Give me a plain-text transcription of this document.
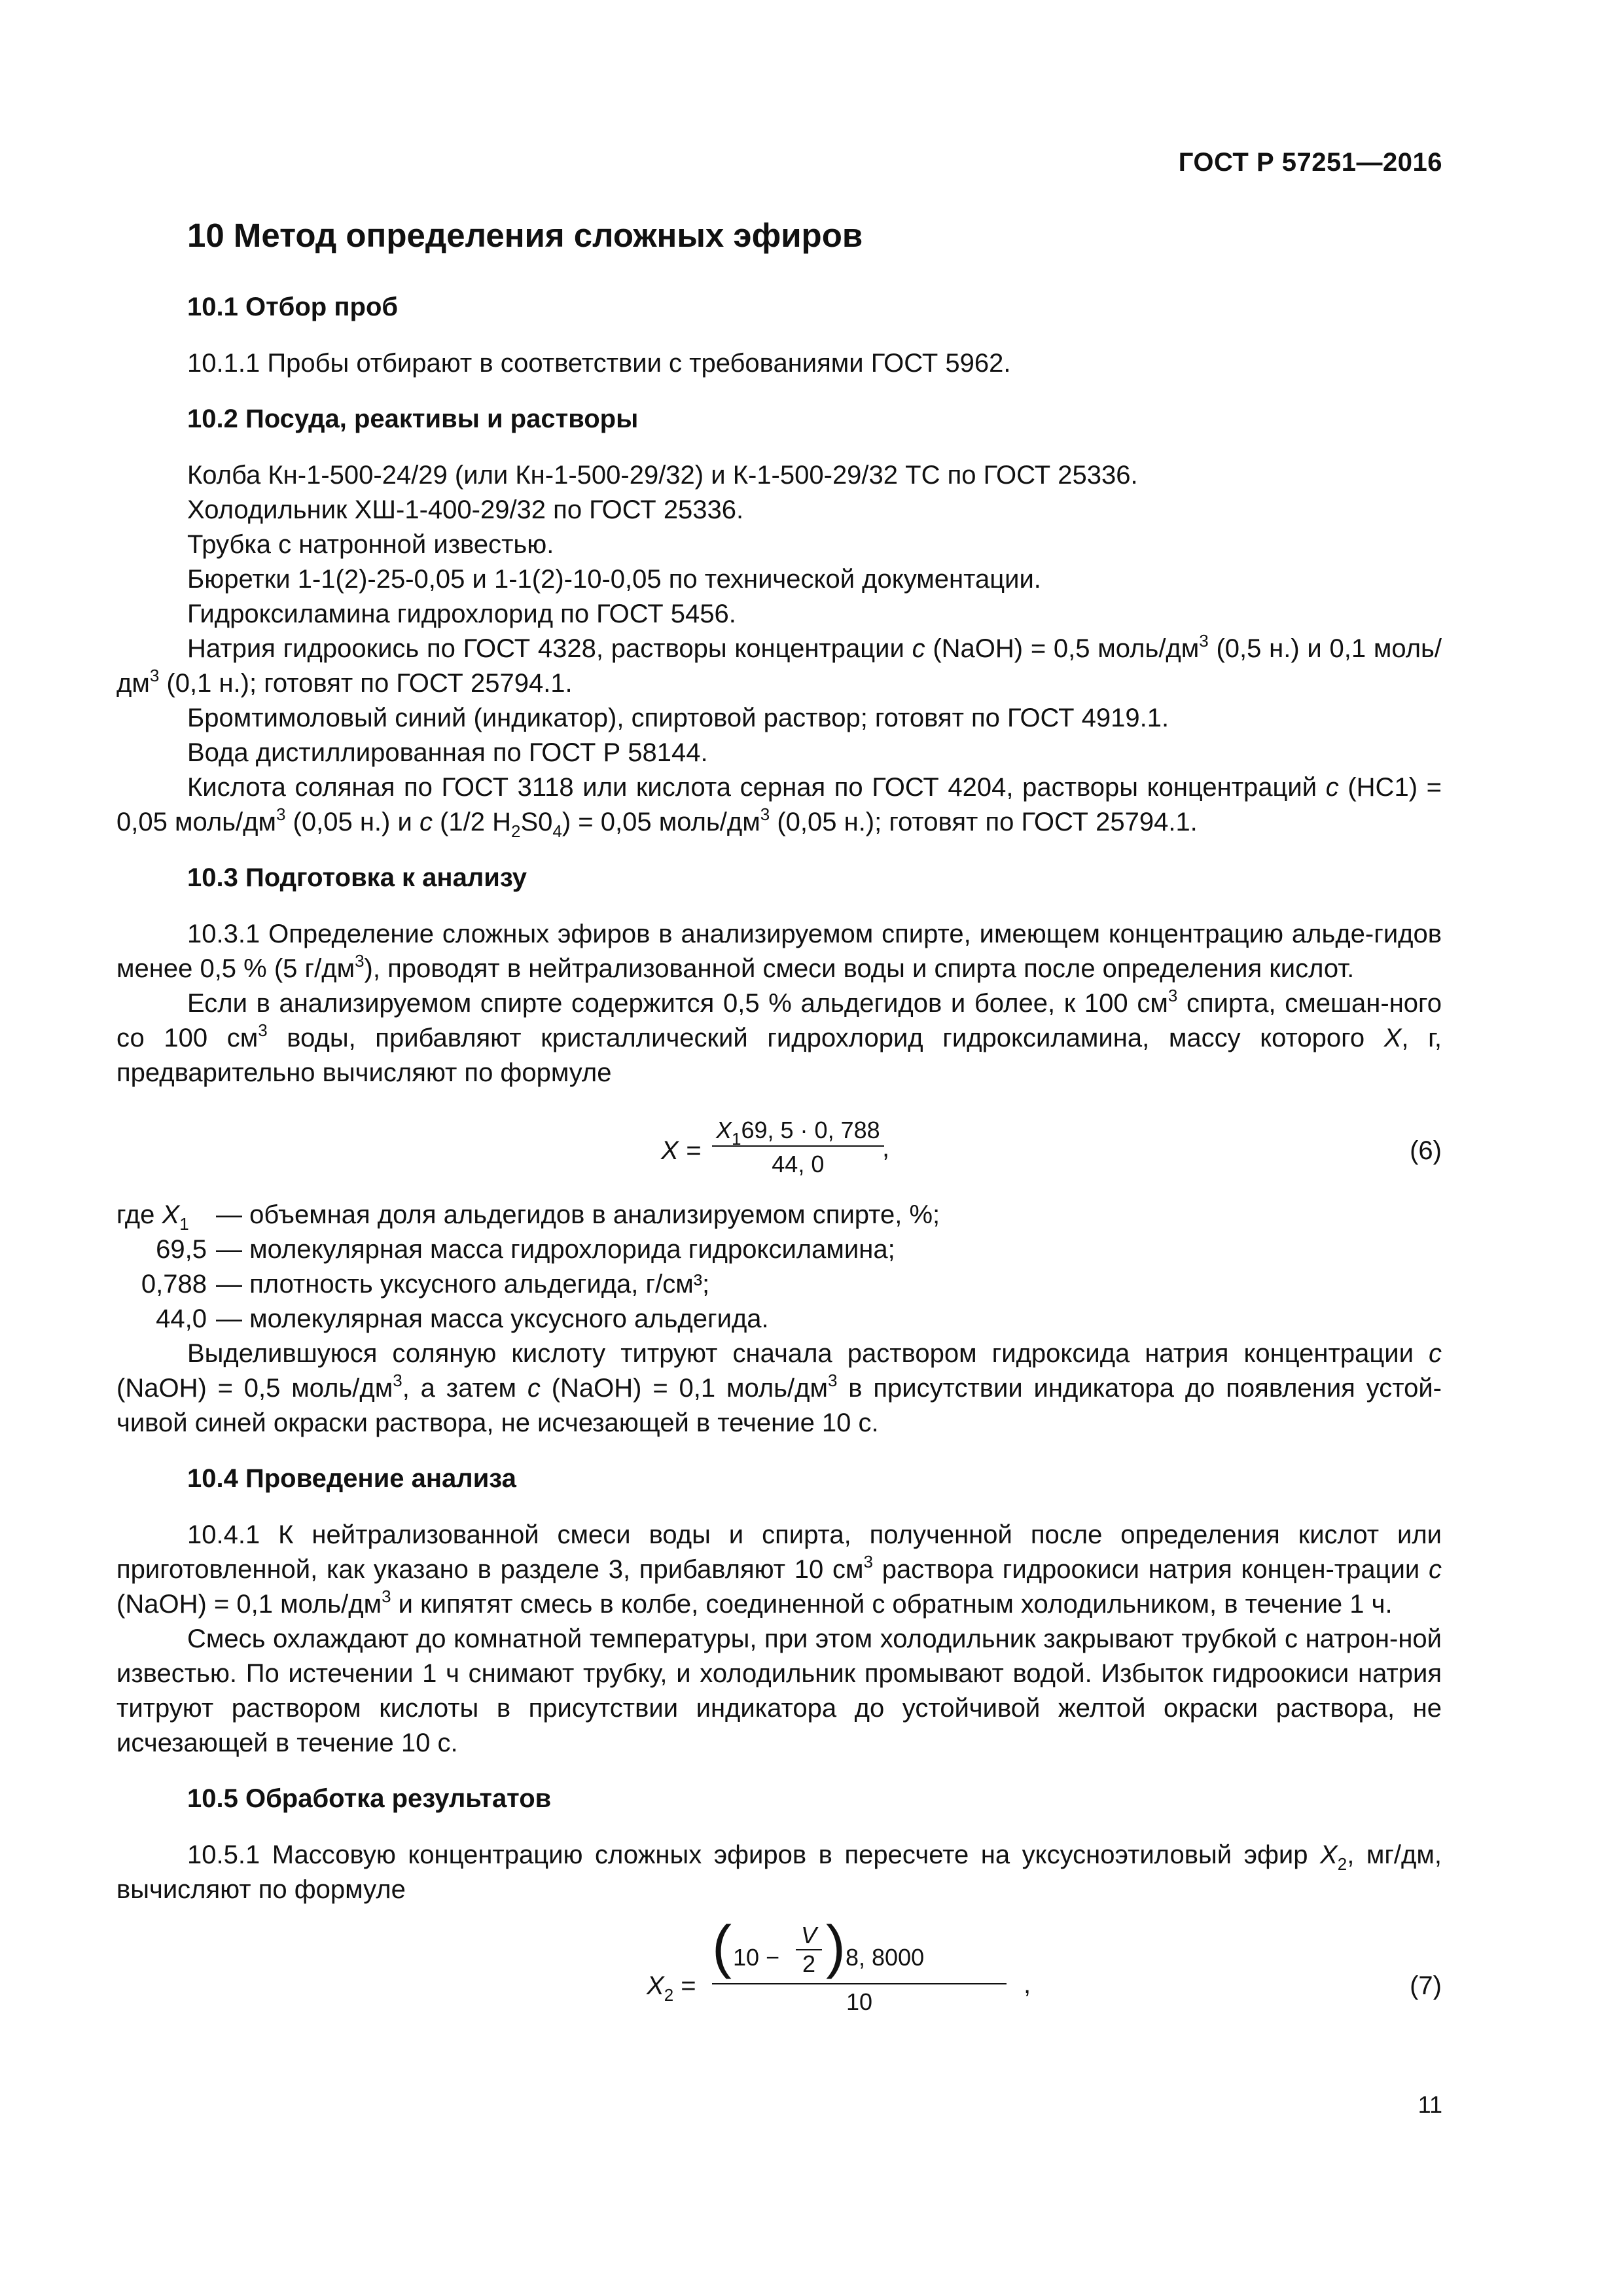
ГОСТ Р 57251—2016
10 Метод определения сложных эфиров
10.1 Отбор проб

10.1.1 Пробы отбирают в соответствии с требованиями ГОСТ 5962.

10.2 Посуда, реактивы и растворы

Колба Кн-1-500-24/29 (или Кн-1-500-29/32) и К-1-500-29/32 ТС по ГОСТ 25336.

Холодильник ХШ-1-400-29/32 по ГОСТ 25336.

Трубка с натронной известью.

Бюретки 1-1(2)-25-0,05 и 1-1(2)-10-0,05 по технической документации.

Гидроксиламина гидрохлорид по ГОСТ 5456.

Натрия гидроокись по ГОСТ 4328, растворы концентрации c (NaOH) = 0,5 моль/$дм^3$ (0,5 н.) и 0,1 моль/$дм^3$ (0,1 н.); готовят по ГОСТ 25794.1.

Бромтимоловый синий (индикатор), спиртовой раствор; готовят по ГОСТ 4919.1.

Вода дистиллированная по ГОСТ Р 58144.

Кислота соляная по ГОСТ 3118 или кислота серная по ГОСТ 4204, растворы концентраций c (НС1) = 0,05 моль/$дм^3$ (0,05 н.) и c (1/2 $H_2S0_4) = 0,05$ моль/$дм^3$ (0,05 н.); готовят по ГОСТ 25794.1.

10.3 Подготовка к анализу

10.3.1 Определение сложных эфиров в анализируемом спирте, имеющем концентрацию альде-гидов менее 0,5 % (5 $г/дм^3$), проводят в нейтрализованной смеси воды и спирта после определения кислот.

Если в анализируемом спирте содержится 0,5 % альдегидов и более, к 100 $см^3$ спирта, смешан-ного со 100 $см^3$ воды, прибавляют кристаллический гидрохлорид гидроксиламина, массу которого X, г, предварительно вычисляют по формуле

$X = \frac{X_169, 5 \cdot 0, 788}{44, 0}$
,	(6)
где $X_1$	— объемная доля альдегидов в анализируемом спирте, %;
69,5 — молекулярная масса гидрохлорида гидроксиламина;
0,788 — плотность уксусного альдегида, г/см³;
44,0 — молекулярная масса уксусного альдегида.

Выделившуюся соляную кислоту титруют сначала раствором гидроксида натрия концентрации c (NaOH) = 0,5 моль/$дм^3$, а затем c (NaOH) = 0,1 моль/$дм^3$ в присутствии индикатора до появления устой-чивой синей окраски раствора, не исчезающей в течение 10 с.

10.4 Проведение анализа

10.4.1 К нейтрализованной смеси воды и спирта, полученной после определения кислот или приготовленной, как указано в разделе 3, прибавляют 10 $см^3$ раствора гидроокиси натрия концен-трации c (NaOH) = 0,1 моль/$дм^3$ и кипятят смесь в колбе, соединенной с обратным холодильником, в течение 1 ч.

Смесь охлаждают до комнатной температуры, при этом холодильник закрывают трубкой с натрон-ной известью. По истечении 1 ч снимают трубку, и холодильник промывают водой. Избыток гидроокиси натрия титруют раствором кислоты в присутствии индикатора до устойчивой желтой окраски раствора, не исчезающей в течение 10 с.

10.5 Обработка результатов

10.5.1 Массовую концентрацию сложных эфиров в пересчете на уксусноэтиловый эфир $X_2$, мг/дм, вычисляют по формуле

$X_2$ =
( 10 −
V
2 ) 8, 8000
10
,	(7)
11
